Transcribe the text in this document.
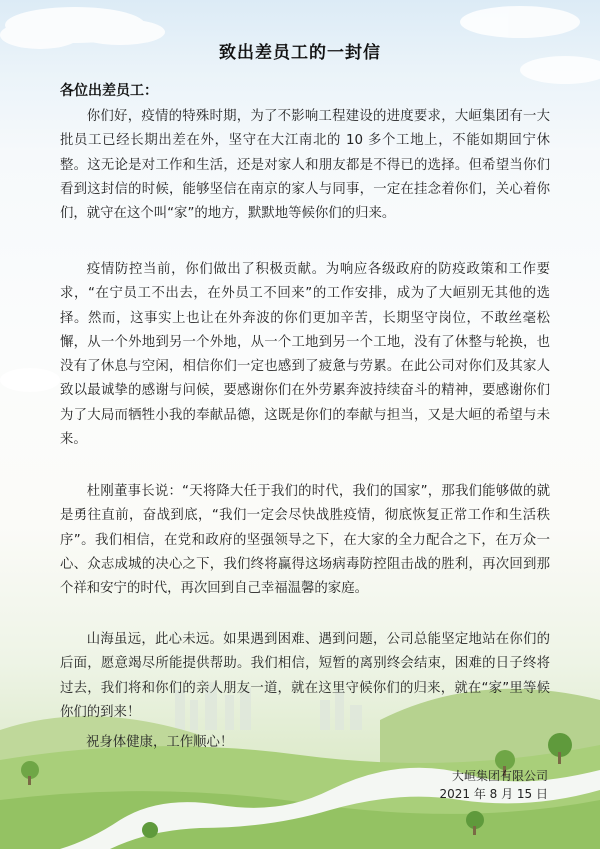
致出差员工的一封信
各位出差员工：

你们好，疫情的特殊时期，为了不影响工程建设的进度要求，大峘集团有一大批员工已经长期出差在外，坚守在大江南北的 10 多个工地上，不能如期回宁休整。这无论是对工作和生活，还是对家人和朋友都是不得已的选择。但希望当你们看到这封信的时候，能够坚信在南京的家人与同事，一定在挂念着你们，关心着你们，就守在这个叫“家”的地方，默默地等候你们的归来。

疫情防控当前，你们做出了积极贡献。为响应各级政府的防疫政策和工作要求，“在宁员工不出去，在外员工不回来”的工作安排，成为了大峘别无其他的选择。然而，这事实上也让在外奔波的你们更加辛苦，长期坚守岗位，不敢丝毫松懈，从一个外地到另一个外地，从一个工地到另一个工地，没有了休整与轮换，也没有了休息与空闲，相信你们一定也感到了疲惫与劳累。在此公司对你们及其家人致以最诚挚的感谢与问候，要感谢你们在外劳累奔波持续奋斗的精神，要感谢你们为了大局而牺牲小我的奉献品德，这既是你们的奉献与担当，又是大峘的希望与未来。

杜刚董事长说：“天将降大任于我们的时代，我们的国家”，那我们能够做的就是勇往直前，奋战到底，“我们一定会尽快战胜疫情，彻底恢复正常工作和生活秩序”。我们相信，在党和政府的坚强领导之下，在大家的全力配合之下，在万众一心、众志成城的决心之下，我们终将赢得这场病毒防控阻击战的胜利，再次回到那个祥和安宁的时代，再次回到自己幸福温馨的家庭。

山海虽远，此心未远。如果遇到困难、遇到问题，公司总能坚定地站在你们的后面，愿意竭尽所能提供帮助。我们相信，短暂的离别终会结束，困难的日子终将过去，我们将和你们的亲人朋友一道，就在这里守候你们的归来，就在“家”里等候你们的到来！

祝身体健康，工作顺心！
大峘集团有限公司
2021 年 8 月 15 日
